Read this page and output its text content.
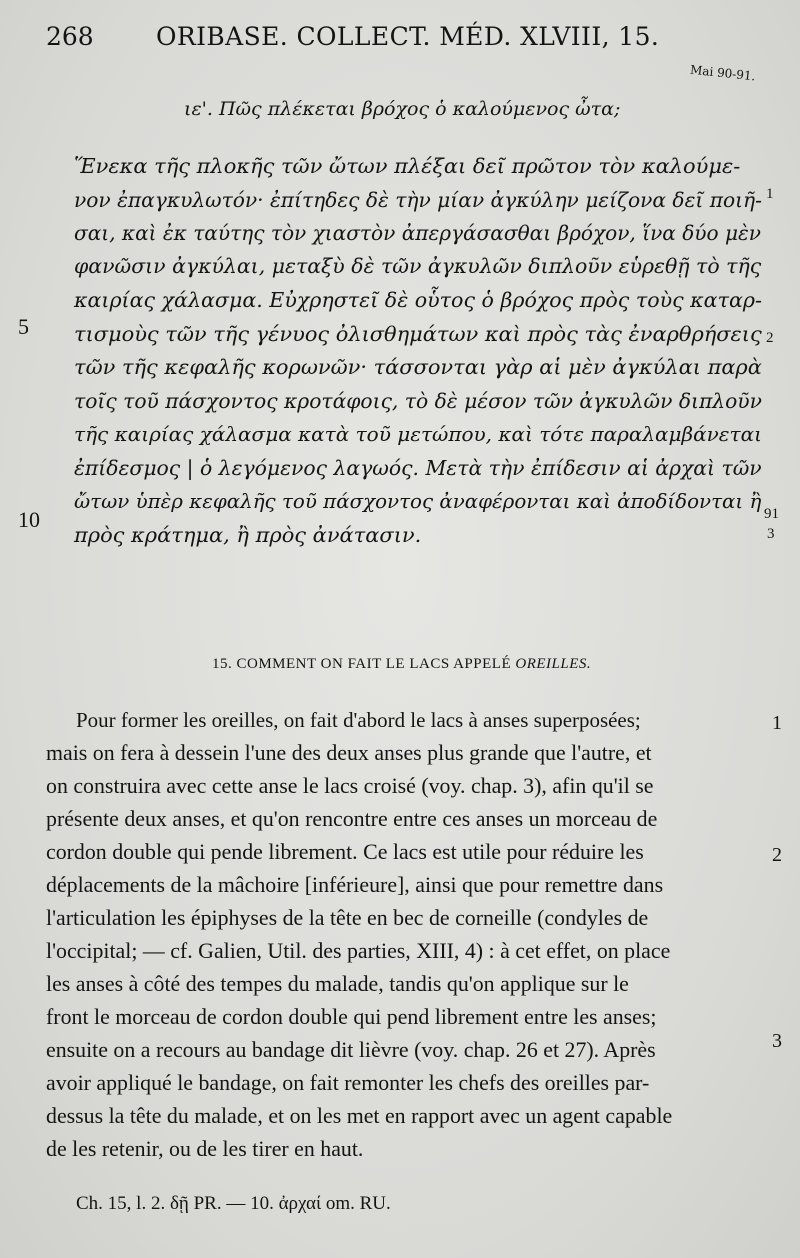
268 ORIBASE. COLLECT. MÉD. XLVIII, 15.
Mai 90-91.
ιε'. Πῶς πλέκεται βρόχος ὁ καλούμενος ὦτα;
Ἕνεκα τῆς πλοκῆς τῶν ὤτων πλέξαι δεῖ πρῶτον τὸν καλούμε-
νον ἐπαγκυλωτόν· ἐπίτηδες δὲ τὴν μίαν ἀγκύλην μείζονα δεῖ ποιῆ-
σαι, καὶ ἐκ ταύτης τὸν χιαστὸν ἀπεργάσασθαι βρόχον, ἵνα δύο μὲν
φανῶσιν ἀγκύλαι, μεταξὺ δὲ τῶν ἀγκυλῶν διπλοῦν εὑρεθῇ τὸ τῆς
καιρίας χάλασμα. Εὐχρηστεῖ δὲ οὗτος ὁ βρόχος πρὸς τοὺς καταρ-
τισμοὺς τῶν τῆς γένυος ὀλισθημάτων καὶ πρὸς τὰς ἐναρθρήσεις
τῶν τῆς κεφαλῆς κορωνῶν· τάσσονται γὰρ αἱ μὲν ἀγκύλαι παρὰ
τοῖς τοῦ πάσχοντος κροτάφοις, τὸ δὲ μέσον τῶν ἀγκυλῶν διπλοῦν
τῆς καιρίας χάλασμα κατὰ τοῦ μετώπου, καὶ τότε παραλαμβάνεται
ἐπίδεσμος | ὁ λεγόμενος λαγωός. Μετὰ τὴν ἐπίδεσιν αἱ ἀρχαὶ τῶν
ὤτων ὑπὲρ κεφαλῆς τοῦ πάσχοντος ἀναφέρονται καὶ ἀποδίδονται ἢ
πρὸς κράτημα, ἢ πρὸς ἀνάτασιν.
5
10
1
2
91
3
15. COMMENT ON FAIT LE LACS APPELÉ OREILLES.
Pour former les oreilles, on fait d'abord le lacs à anses superposées;
mais on fera à dessein l'une des deux anses plus grande que l'autre, et
on construira avec cette anse le lacs croisé (voy. chap. 3), afin qu'il se
présente deux anses, et qu'on rencontre entre ces anses un morceau de
cordon double qui pende librement. Ce lacs est utile pour réduire les
déplacements de la mâchoire [inférieure], ainsi que pour remettre dans
l'articulation les épiphyses de la tête en bec de corneille (condyles de
l'occipital; — cf. Galien, Util. des parties, XIII, 4) : à cet effet, on place
les anses à côté des tempes du malade, tandis qu'on applique sur le
front le morceau de cordon double qui pend librement entre les anses;
ensuite on a recours au bandage dit lièvre (voy. chap. 26 et 27). Après
avoir appliqué le bandage, on fait remonter les chefs des oreilles par-
dessus la tête du malade, et on les met en rapport avec un agent capable
de les retenir, ou de les tirer en haut.
1
2
3
Ch. 15, l. 2. δῇ PR. — 10. ἀρχαί om. RU.
